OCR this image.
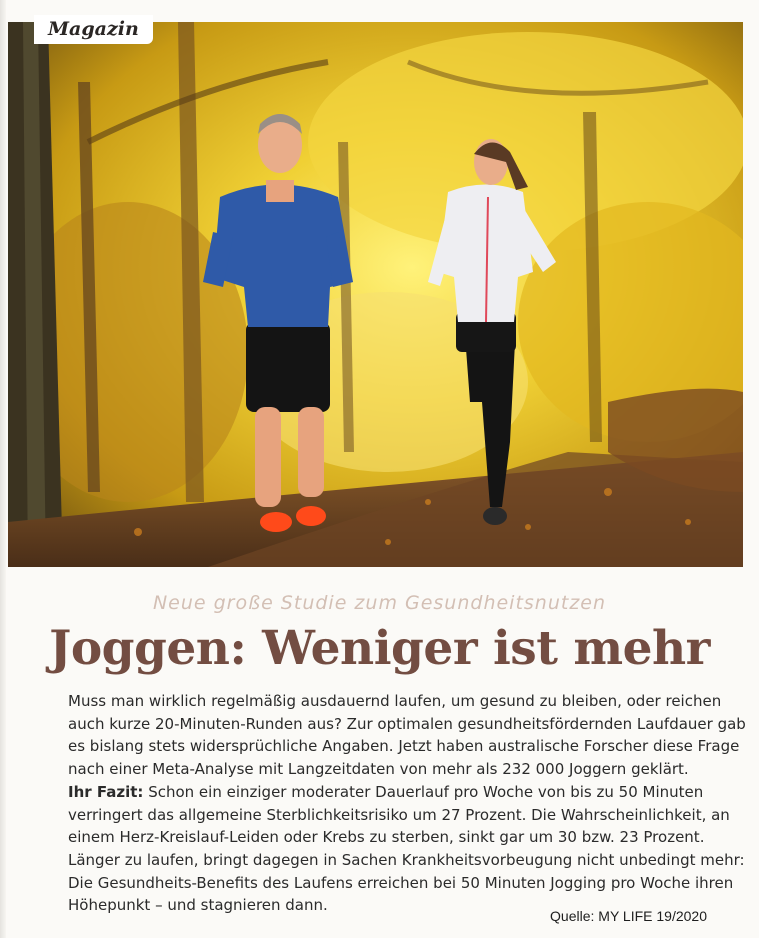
Magazin
Neue große Studie zum Gesundheitsnutzen
Joggen: Weniger ist mehr

Muss man wirklich regelmäßig ausdauernd laufen, um gesund zu bleiben, oder reichen auch kurze 20-Minuten-Runden aus? Zur optimalen gesundheitsfördernden Laufdauer gab es bislang stets widersprüchliche Angaben. Jetzt haben australische Forscher diese Frage nach einer Meta-Analyse mit Langzeitdaten von mehr als 232 000 Joggern geklärt.

Ihr Fazit: Schon ein einziger moderater Dauerlauf pro Woche von bis zu 50 Minuten verringert das allgemeine Sterblichkeitsrisiko um 27 Prozent. Die Wahrscheinlichkeit, an einem Herz-Kreislauf-Leiden oder Krebs zu sterben, sinkt gar um 30 bzw. 23 Prozent. Länger zu laufen, bringt dagegen in Sachen Krankheitsvorbeugung nicht unbedingt mehr: Die Gesundheits-Benefits des Laufens erreichen bei 50 Minuten Jogging pro Woche ihren Höhepunkt – und stagnieren dann.

Quelle: MY LIFE 19/2020
